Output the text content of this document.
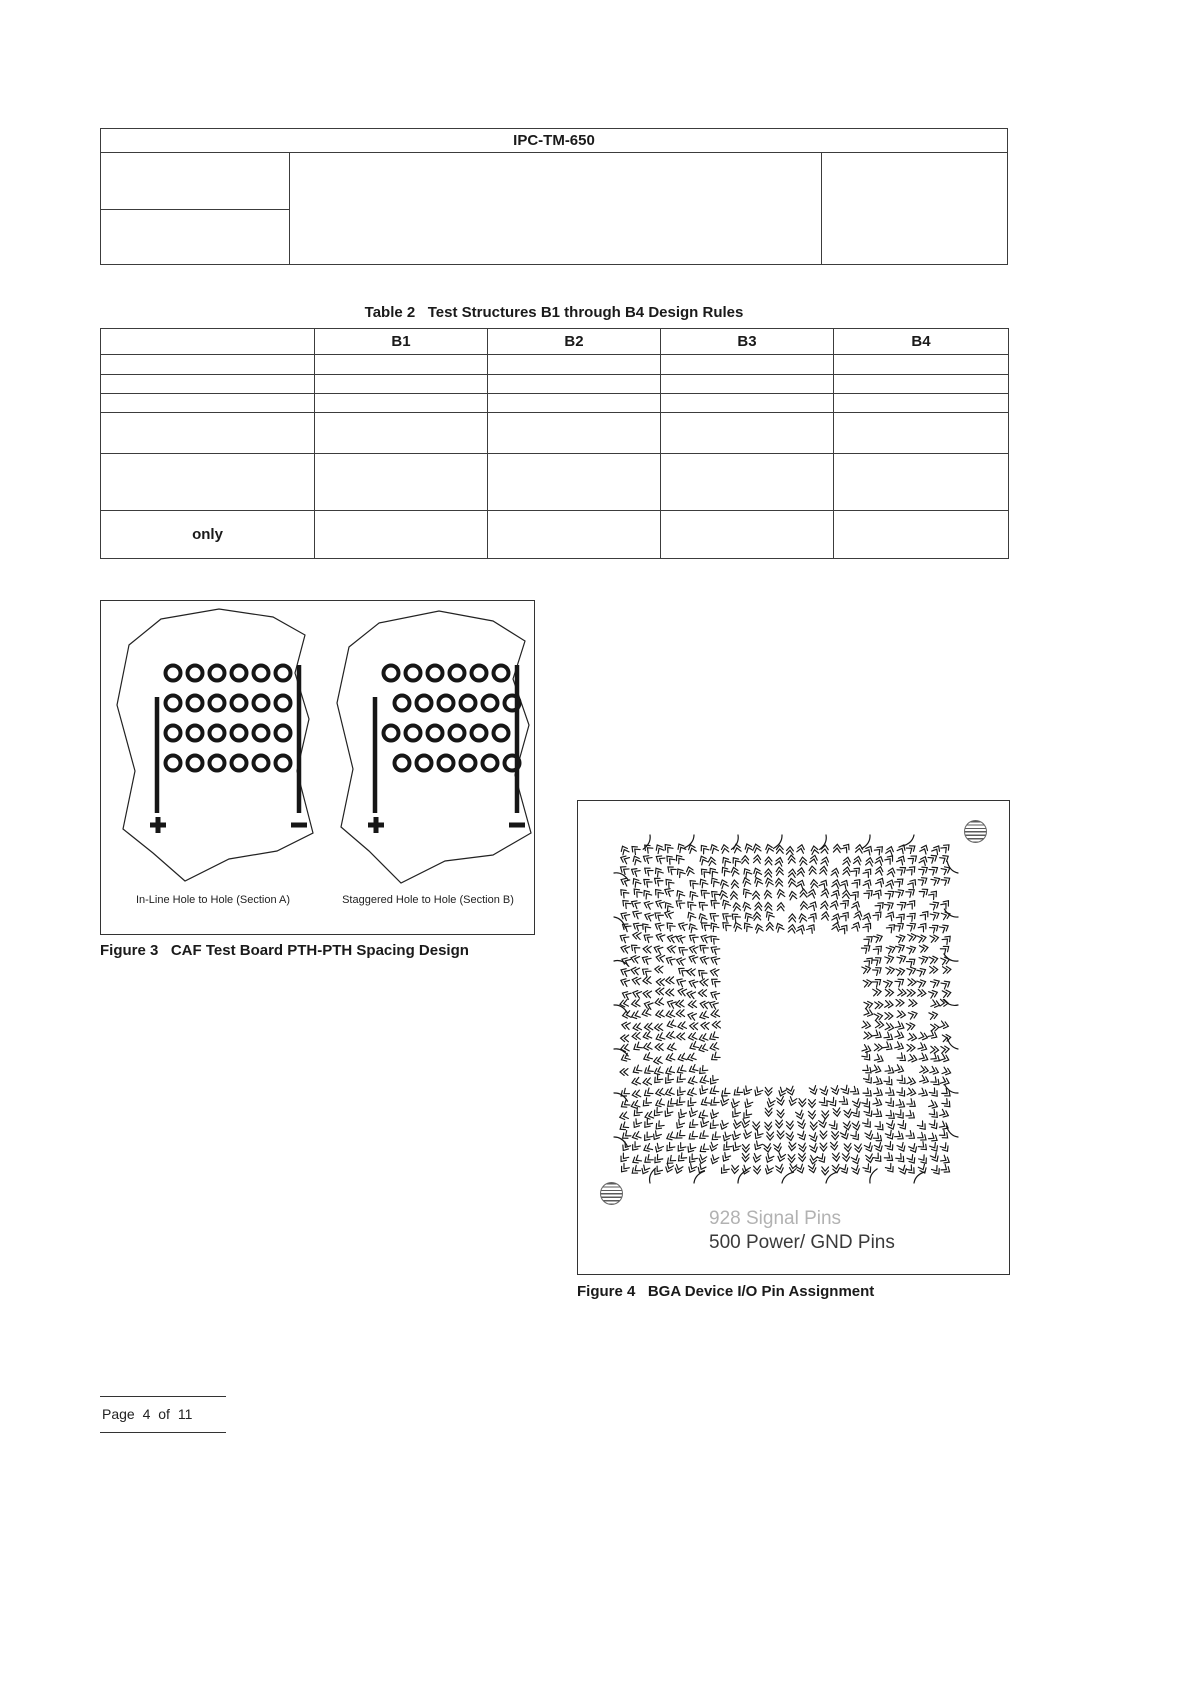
IPC-TM-650
Table 2   Test Structures B1 through B4 Design Rules
	B1	B2	B3	B4

only				
In-Line Hole to Hole (Section A)	Staggered Hole to Hole (Section B)
Figure 3   CAF Test Board PTH-PTH Spacing Design
928 Signal Pins
500 Power/ GND Pins
Figure 4   BGA Device I/O Pin Assignment
Page 4 of 11
